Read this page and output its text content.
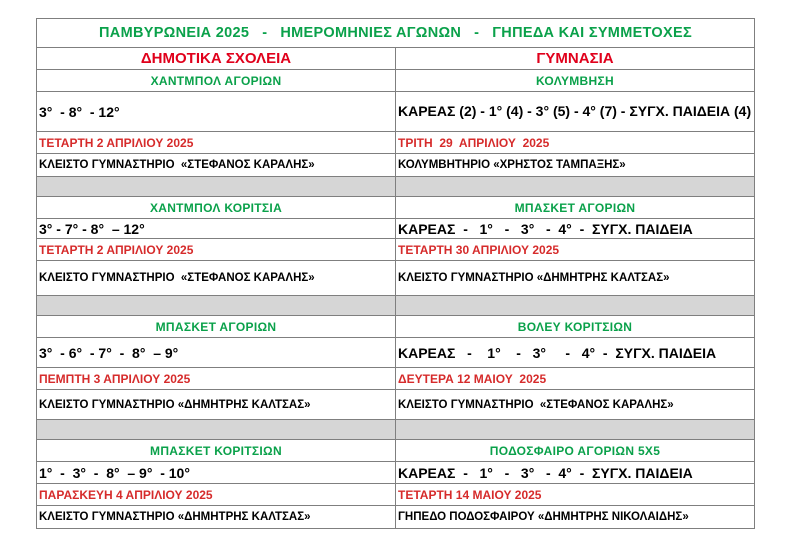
ΠΑΜΒΥΡΩΝΕΙΑ 2025   -   ΗΜΕΡΟΜΗΝΙΕΣ ΑΓΩΝΩΝ   -   ΓΗΠΕΔΑ ΚΑΙ ΣΥΜΜΕΤΟΧΕΣ	
ΔΗΜΟΤΙΚΑ ΣΧΟΛΕΙΑ	ΓΥΜΝΑΣΙΑ
ΧΑΝΤΜΠΟΛ ΑΓΟΡΙΩΝ	ΚΟΛΥΜΒΗΣΗ
3°  - 8°  - 12°	ΚΑΡΕΑΣ (2) - 1° (4) - 3° (5) - 4° (7) - ΣΥΓΧ. ΠΑΙΔΕΙΑ (4)
ΤΕΤΑΡΤΗ 2 ΑΠΡΙΛΙΟΥ 2025	ΤΡΙΤΗ  29  ΑΠΡΙΛΙΟΥ  2025
ΚΛΕΙΣΤΟ ΓΥΜΝΑΣΤΗΡΙΟ  «ΣΤΕΦΑΝΟΣ ΚΑΡΑΛΗΣ»	ΚΟΛΥΜΒΗΤΗΡΙΟ «ΧΡΗΣΤΟΣ ΤΑΜΠΑΞΗΣ»

ΧΑΝΤΜΠΟΛ ΚΟΡΙΤΣΙΑ	ΜΠΑΣΚΕΤ ΑΓΟΡΙΩΝ
3° - 7° - 8°  – 12°	ΚΑΡΕΑΣ  -   1°   -   3°   -  4°  -  ΣΥΓΧ. ΠΑΙΔΕΙΑ
ΤΕΤΑΡΤΗ 2 ΑΠΡΙΛΙΟΥ 2025	ΤΕΤΑΡΤΗ 30 ΑΠΡΙΛΙΟΥ 2025
ΚΛΕΙΣΤΟ ΓΥΜΝΑΣΤΗΡΙΟ  «ΣΤΕΦΑΝΟΣ ΚΑΡΑΛΗΣ»	ΚΛΕΙΣΤΟ ΓΥΜΝΑΣΤΗΡΙΟ «ΔΗΜΗΤΡΗΣ ΚΑΛΤΣΑΣ»

ΜΠΑΣΚΕΤ ΑΓΟΡΙΩΝ	ΒΟΛΕΥ ΚΟΡΙΤΣΙΩΝ
3°  - 6°  - 7°  -  8°  – 9°	ΚΑΡΕΑΣ   -    1°    -   3°     -   4°  -  ΣΥΓΧ. ΠΑΙΔΕΙΑ
ΠΕΜΠΤΗ 3 ΑΠΡΙΛΙΟΥ 2025	ΔΕΥΤΕΡΑ 12 ΜΑΙΟΥ  2025
ΚΛΕΙΣΤΟ ΓΥΜΝΑΣΤΗΡΙΟ «ΔΗΜΗΤΡΗΣ ΚΑΛΤΣΑΣ»	ΚΛΕΙΣΤΟ ΓΥΜΝΑΣΤΗΡΙΟ  «ΣΤΕΦΑΝΟΣ ΚΑΡΑΛΗΣ»

ΜΠΑΣΚΕΤ ΚΟΡΙΤΣΙΩΝ	ΠΟΔΟΣΦΑΙΡΟ ΑΓΟΡΙΩΝ 5Χ5
1°  -  3°  -  8°  – 9°  - 10°	ΚΑΡΕΑΣ  -   1°   -   3°   -  4°  -  ΣΥΓΧ. ΠΑΙΔΕΙΑ
ΠΑΡΑΣΚΕΥΗ 4 ΑΠΡΙΛΙΟΥ 2025	ΤΕΤΑΡΤΗ 14 ΜΑΙΟΥ 2025
ΚΛΕΙΣΤΟ ΓΥΜΝΑΣΤΗΡΙΟ «ΔΗΜΗΤΡΗΣ ΚΑΛΤΣΑΣ»	ΓΗΠΕΔΟ ΠΟΔΟΣΦΑΙΡΟΥ «ΔΗΜΗΤΡΗΣ ΝΙΚΟΛΑΙΔΗΣ»
